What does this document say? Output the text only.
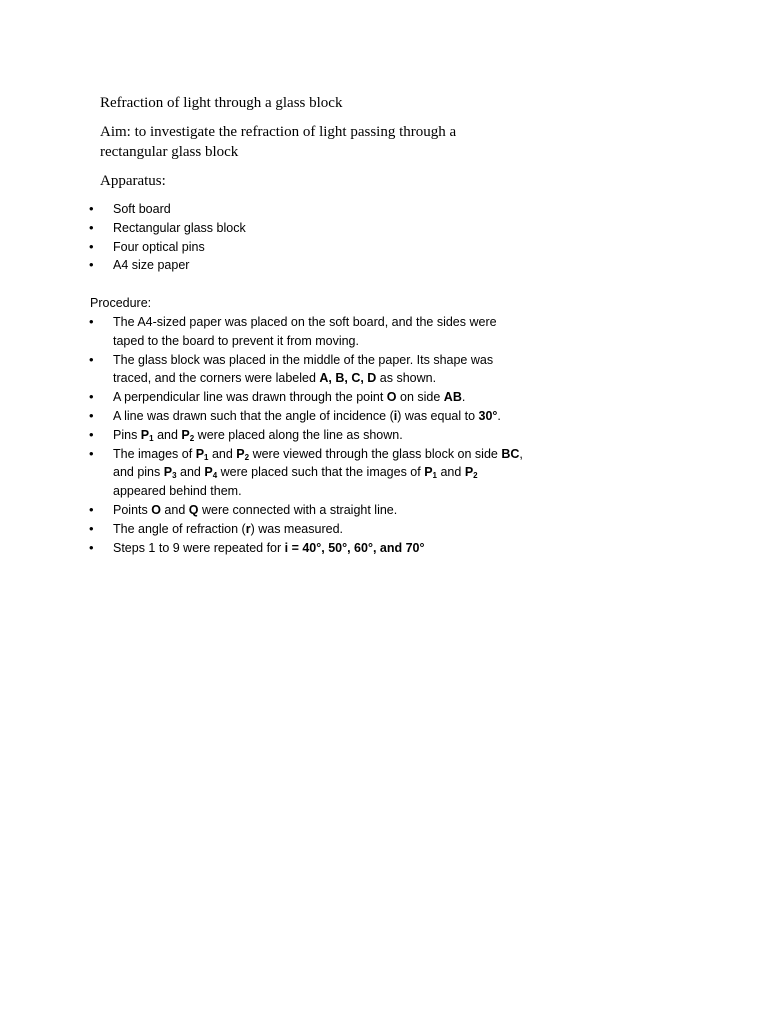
Refraction of light through a glass block

Aim: to investigate the refraction of light passing through a rectangular glass block

Apparatus:

• Soft board
• Rectangular glass block
• Four optical pins
• A4 size paper

Procedure:

• The A4-sized paper was placed on the soft board, and the sides were taped to the board to prevent it from moving.
• The glass block was placed in the middle of the paper. Its shape was traced, and the corners were labeled A, B, C, D as shown.
• A perpendicular line was drawn through the point O on side AB.
• A line was drawn such that the angle of incidence (i) was equal to 30°.
• Pins $P_1$ and $P_2$ were placed along the line as shown.
• The images of $P_1$ and $P_2$ were viewed through the glass block on side BC, and pins $P_3$ and $P_4$ were placed such that the images of $P_1$ and $P_2$ appeared behind them.
• Points O and Q were connected with a straight line.
• The angle of refraction (r) was measured.
• Steps 1 to 9 were repeated for i = 40°, 50°, 60°, and 70°
